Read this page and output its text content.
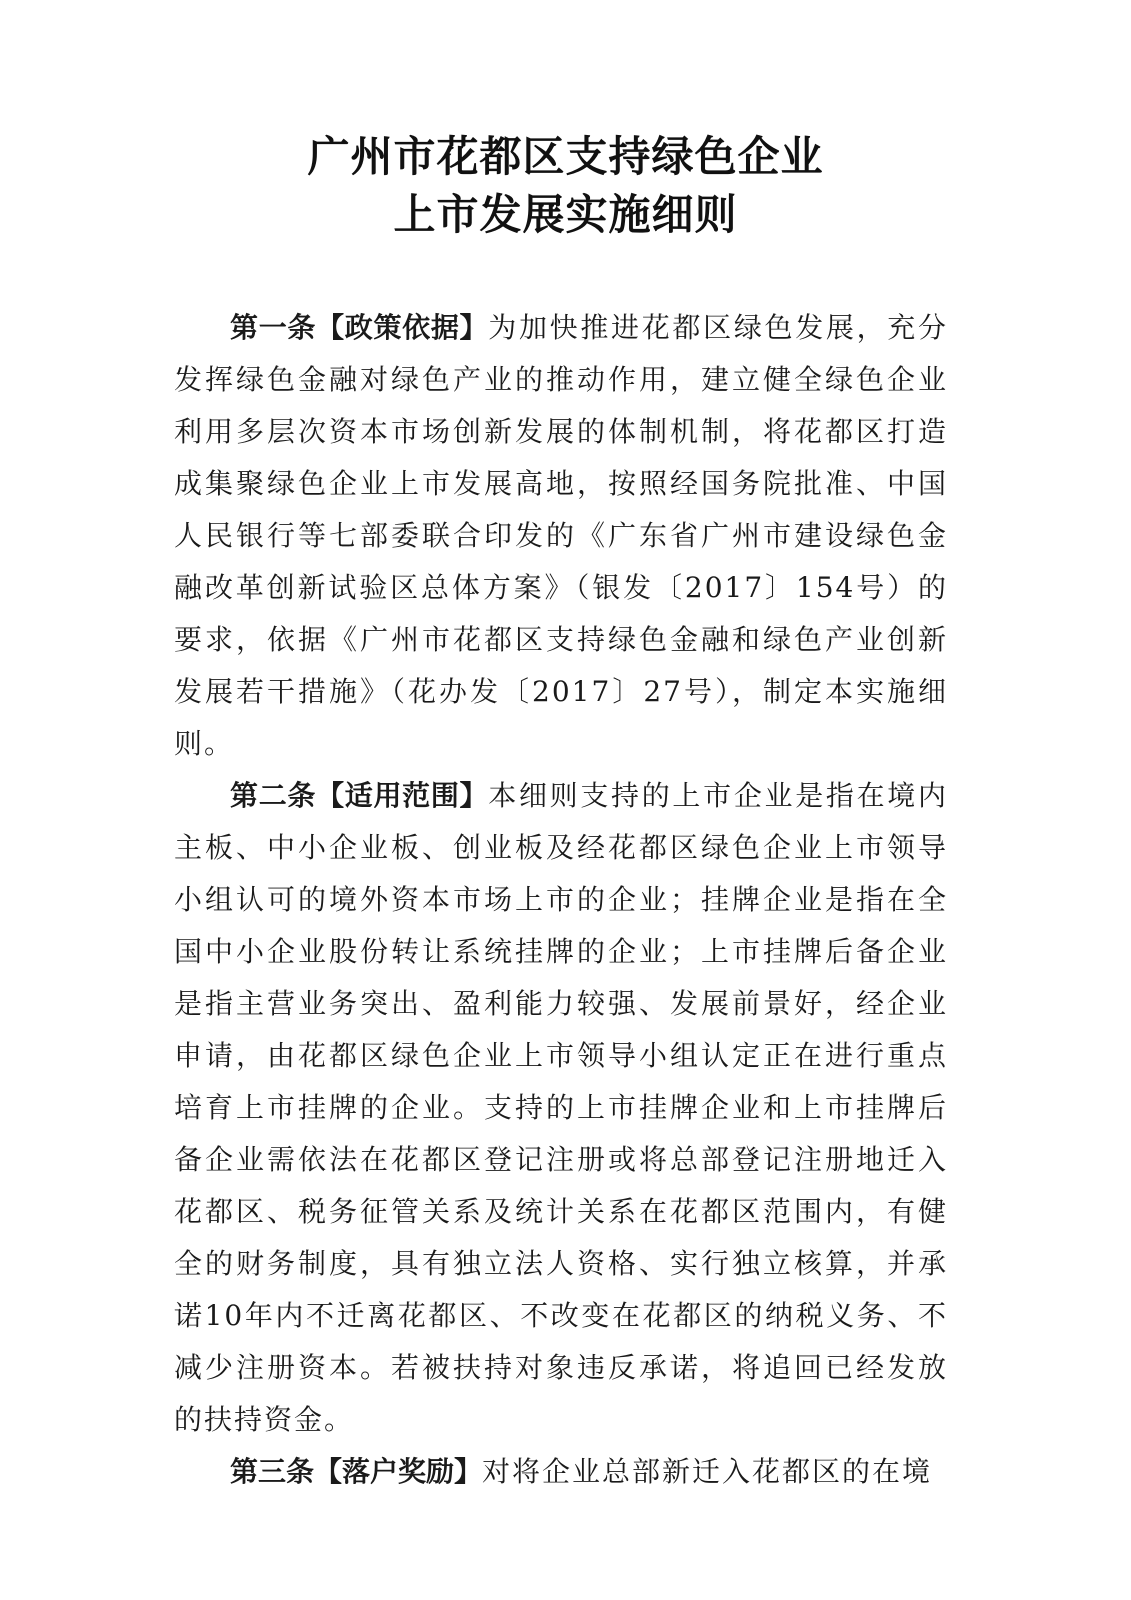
广州市花都区支持绿色企业
上市发展实施细则

第一条【政策依据】为加快推进花都区绿色发展，充分发挥绿色金融对绿色产业的推动作用，建立健全绿色企业利用多层次资本市场创新发展的体制机制，将花都区打造成集聚绿色企业上市发展高地，按照经国务院批准、中国人民银行等七部委联合印发的《广东省广州市建设绿色金融改革创新试验区总体方案》（银发〔2017〕154号）的要求，依据《广州市花都区支持绿色金融和绿色产业创新发展若干措施》（花办发〔2017〕27号），制定本实施细则。

第二条【适用范围】本细则支持的上市企业是指在境内主板、中小企业板、创业板及经花都区绿色企业上市领导小组认可的境外资本市场上市的企业；挂牌企业是指在全国中小企业股份转让系统挂牌的企业；上市挂牌后备企业是指主营业务突出、盈利能力较强、发展前景好，经企业申请，由花都区绿色企业上市领导小组认定正在进行重点培育上市挂牌的企业。支持的上市挂牌企业和上市挂牌后备企业需依法在花都区登记注册或将总部登记注册地迁入花都区、税务征管关系及统计关系在花都区范围内，有健全的财务制度，具有独立法人资格、实行独立核算，并承诺10年内不迁离花都区、不改变在花都区的纳税义务、不减少注册资本。若被扶持对象违反承诺，将追回已经发放的扶持资金。

第三条【落户奖励】对将企业总部新迁入花都区的在境
